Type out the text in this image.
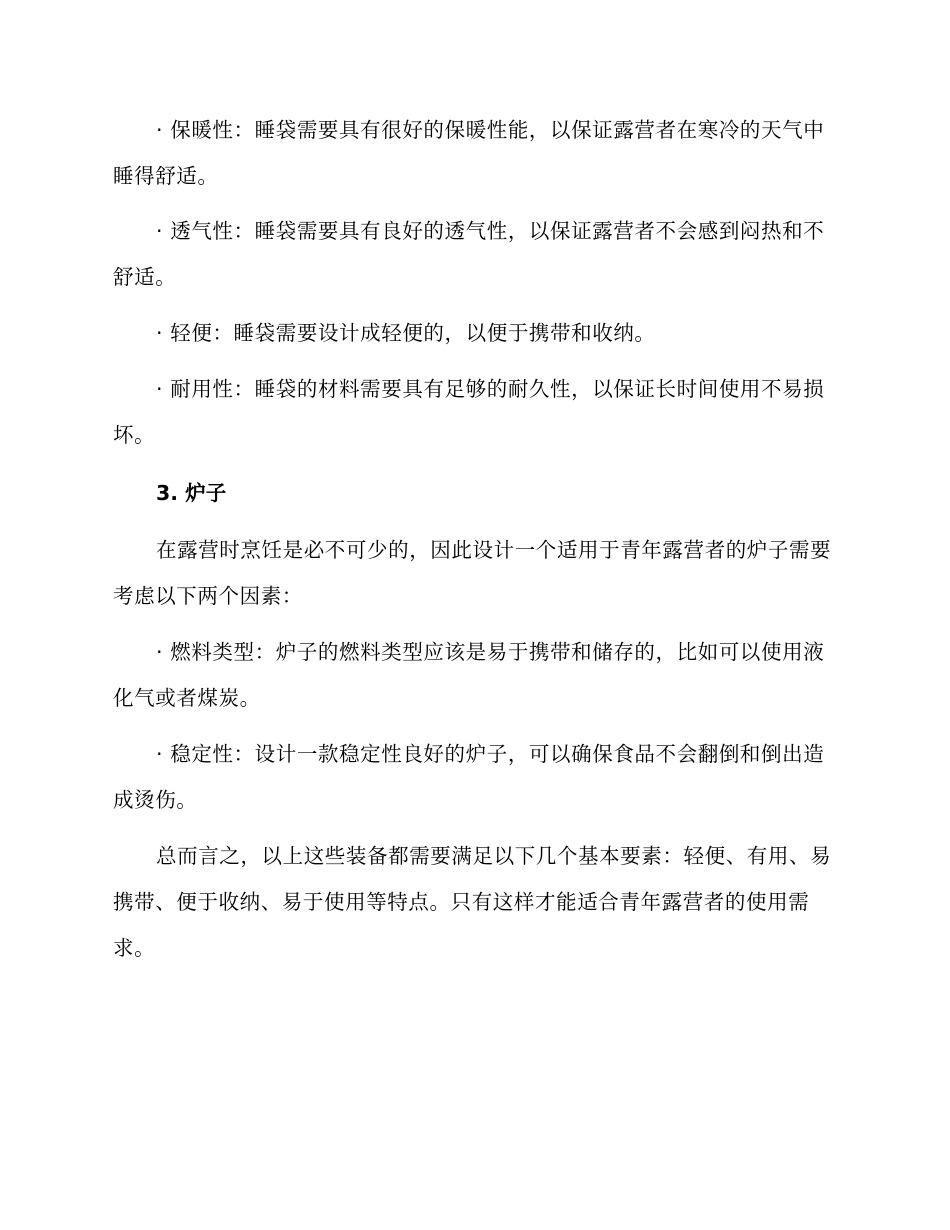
· 保暖性：睡袋需要具有很好的保暖性能，以保证露营者在寒冷的天气中睡得舒适。

· 透气性：睡袋需要具有良好的透气性，以保证露营者不会感到闷热和不舒适。

· 轻便：睡袋需要设计成轻便的，以便于携带和收纳。

· 耐用性：睡袋的材料需要具有足够的耐久性，以保证长时间使用不易损坏。

3. 炉子

在露营时烹饪是必不可少的，因此设计一个适用于青年露营者的炉子需要考虑以下两个因素：

· 燃料类型：炉子的燃料类型应该是易于携带和储存的，比如可以使用液化气或者煤炭。

· 稳定性：设计一款稳定性良好的炉子，可以确保食品不会翻倒和倒出造成烫伤。

总而言之，以上这些装备都需要满足以下几个基本要素：轻便、有用、易携带、便于收纳、易于使用等特点。只有这样才能适合青年露营者的使用需求。
